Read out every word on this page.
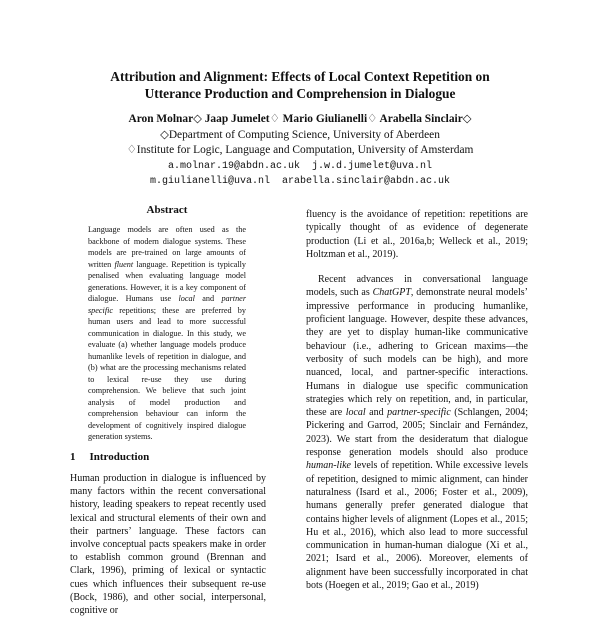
Attribution and Alignment: Effects of Local Context Repetition on
Utterance Production and Comprehension in Dialogue
Aron Molnar◇ Jaap Jumelet♢ Mario Giulianelli♢ Arabella Sinclair◇
◇Department of Computing Science, University of Aberdeen
♢Institute for Logic, Language and Computation, University of Amsterdam
a.molnar.19@abdn.ac.uk  j.w.d.jumelet@uva.nl
m.giulianelli@uva.nl  arabella.sinclair@abdn.ac.uk
Abstract
Language models are often used as the backbone of modern dialogue systems. These models are pre-trained on large amounts of written fluent language. Repetition is typically penalised when evaluating language model generations. However, it is a key component of dialogue. Humans use local and partner specific repetitions; these are preferred by human users and lead to more successful communication in dialogue. In this study, we evaluate (a) whether language models produce humanlike levels of repetition in dialogue, and (b) what are the processing mechanisms related to lexical re-use they use during comprehension. We believe that such joint analysis of model production and comprehension behaviour can inform the development of cognitively inspired dialogue generation systems.
1 Introduction
Human production in dialogue is influenced by many factors within the recent conversational history, leading speakers to repeat recently used lexical and structural elements of their own and their partners’ language. These factors can involve conceptual pacts speakers make in order to establish common ground (Brennan and Clark, 1996), priming of lexical or syntactic cues which influences their subsequent re-use (Bock, 1986), and other social, interpersonal, cognitive or

fluency is the avoidance of repetition: repetitions are typically thought of as evidence of degenerate production (Li et al., 2016a,b; Welleck et al., 2019; Holtzman et al., 2019).

Recent advances in conversational language models, such as ChatGPT, demonstrate neural models’ impressive performance in producing humanlike, proficient language. However, despite these advances, they are yet to display human-like communicative behaviour (i.e., adhering to Gricean maxims—the verbosity of such models can be high), and more nuanced, local, and partner-specific interactions. Humans in dialogue use specific communication strategies which rely on repetition, and, in particular, these are local and partner-specific (Schlangen, 2004; Pickering and Garrod, 2005; Sinclair and Fernández, 2023). We start from the desideratum that dialogue response generation models should also produce human-like levels of repetition. While excessive levels of repetition, designed to mimic alignment, can hinder naturalness (Isard et al., 2006; Foster et al., 2009), humans generally prefer generated dialogue that contains higher levels of alignment (Lopes et al., 2015; Hu et al., 2016), which also lead to more successful communication in human-human dialogue (Xi et al., 2021; Isard et al., 2006). Moreover, elements of alignment have been successfully incorporated in chat bots (Hoegen et al., 2019; Gao et al., 2019)
